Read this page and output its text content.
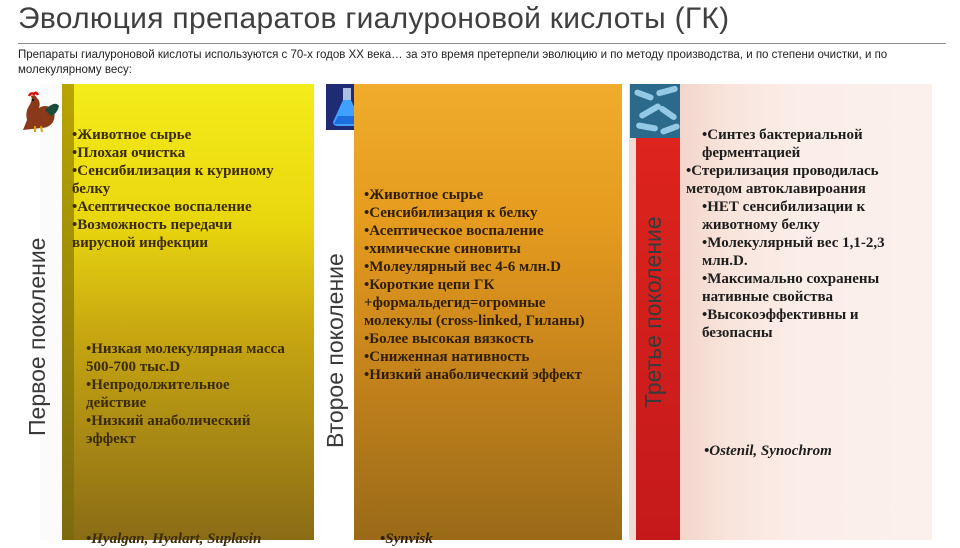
Эволюция препаратов гиалуроновой кислоты (ГК)
Препараты гиалуроновой кислоты используются с 70-х годов XX века… за это время претерпели эволюцию и по методу производства, и по степени очистки, и по молекулярному весу:
Первое поколение
•Животное сырье
•Плохая очистка
•Сенсибилизация к куриному белку
•Асептическое воспаление
•Возможность передачи вирусной инфекции
•Низкая молекулярная масса 500-700 тыс.D
•Непродолжительное действие
•Низкий анаболический эффект
•Hyalgan, Hyalart, Suplasin
Второе поколение
•Животное сырье
•Сенсибилизация к белку
•Асептическое воспаление
•химические синовиты
•Молеулярный вес 4-6 млн.D
•Короткие цепи ГК +формальдегид=огромные молекулы (cross-linked, Гиланы)
•Более высокая вязкость
•Сниженная нативность
•Низкий анаболический эффект
•Synvisk
Третье поколение
•Синтез бактериальной ферментацией
•Стерилизация проводилась методом автоклавироания
•НЕТ сенсибилизации к животному белку
•Молекулярный вес 1,1-2,3 млн.D.
•Максимально сохранены нативные свойства
•Высокоэффективны и безопасны
•Ostenil, Synochrom
